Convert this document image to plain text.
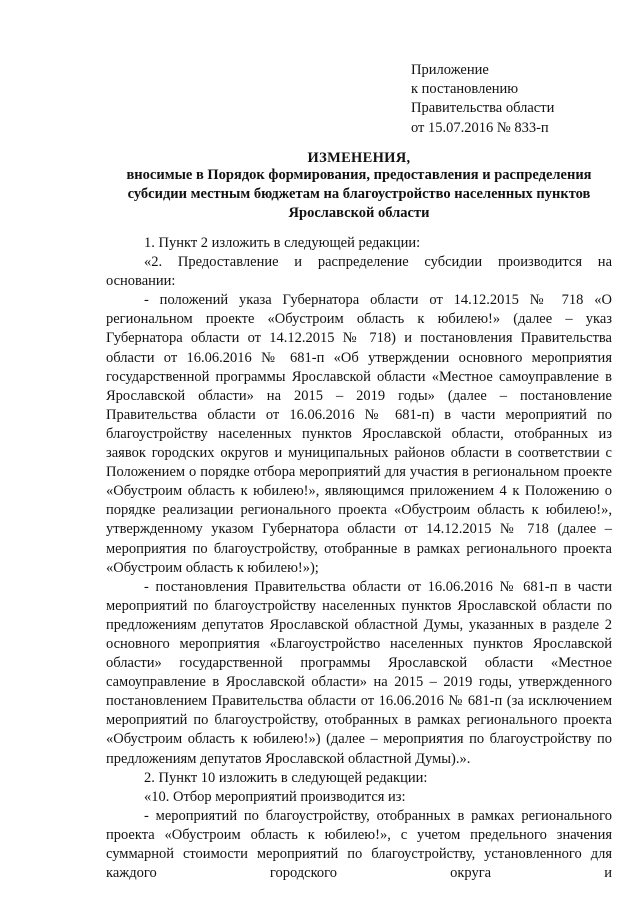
Приложение
к постановлению
Правительства области
от 15.07.2016 № 833-п
ИЗМЕНЕНИЯ,
вносимые в Порядок формирования, предоставления и распределения
субсидии местным бюджетам на благоустройство населенных пунктов
Ярославской области

1. Пункт 2 изложить в следующей редакции:

«2. Предоставление и распределение субсидии производится на основании:

- положений указа Губернатора области от 14.12.2015 № 718 «О региональном проекте «Обустроим область к юбилею!» (далее – указ Губернатора области от 14.12.2015 № 718) и постановления Правительства области от 16.06.2016 № 681-п «Об утверждении основного мероприятия государственной программы Ярославской области «Местное самоуправление в Ярославской области» на 2015 – 2019 годы» (далее – постановление Правительства области от 16.06.2016 № 681-п) в части мероприятий по благоустройству населенных пунктов Ярославской области, отобранных из заявок городских округов и муниципальных районов области в соответствии с Положением о порядке отбора мероприятий для участия в региональном проекте «Обустроим область к юбилею!», являющимся приложением 4 к Положению о порядке реализации регионального проекта «Обустроим область к юбилею!», утвержденному указом Губернатора области от 14.12.2015 № 718 (далее – мероприятия по благоустройству, отобранные в рамках регионального проекта «Обустроим область к юбилею!»);

- постановления Правительства области от 16.06.2016 № 681-п в части мероприятий по благоустройству населенных пунктов Ярославской области по предложениям депутатов Ярославской областной Думы, указанных в разделе 2 основного мероприятия «Благоустройство населенных пунктов Ярославской области» государственной программы Ярославской области «Местное самоуправление в Ярославской области» на 2015 – 2019 годы, утвержденного постановлением Правительства области от 16.06.2016 № 681-п (за исключением мероприятий по благоустройству, отобранных в рамках регионального проекта «Обустроим область к юбилею!») (далее – мероприятия по благоустройству по предложениям депутатов Ярославской областной Думы).».

2. Пункт 10 изложить в следующей редакции:

«10. Отбор мероприятий производится из:

- мероприятий по благоустройству, отобранных в рамках регионального проекта «Обустроим область к юбилею!», с учетом предельного значения суммарной стоимости мероприятий по благоустройству, установленного для каждого городского округа и
